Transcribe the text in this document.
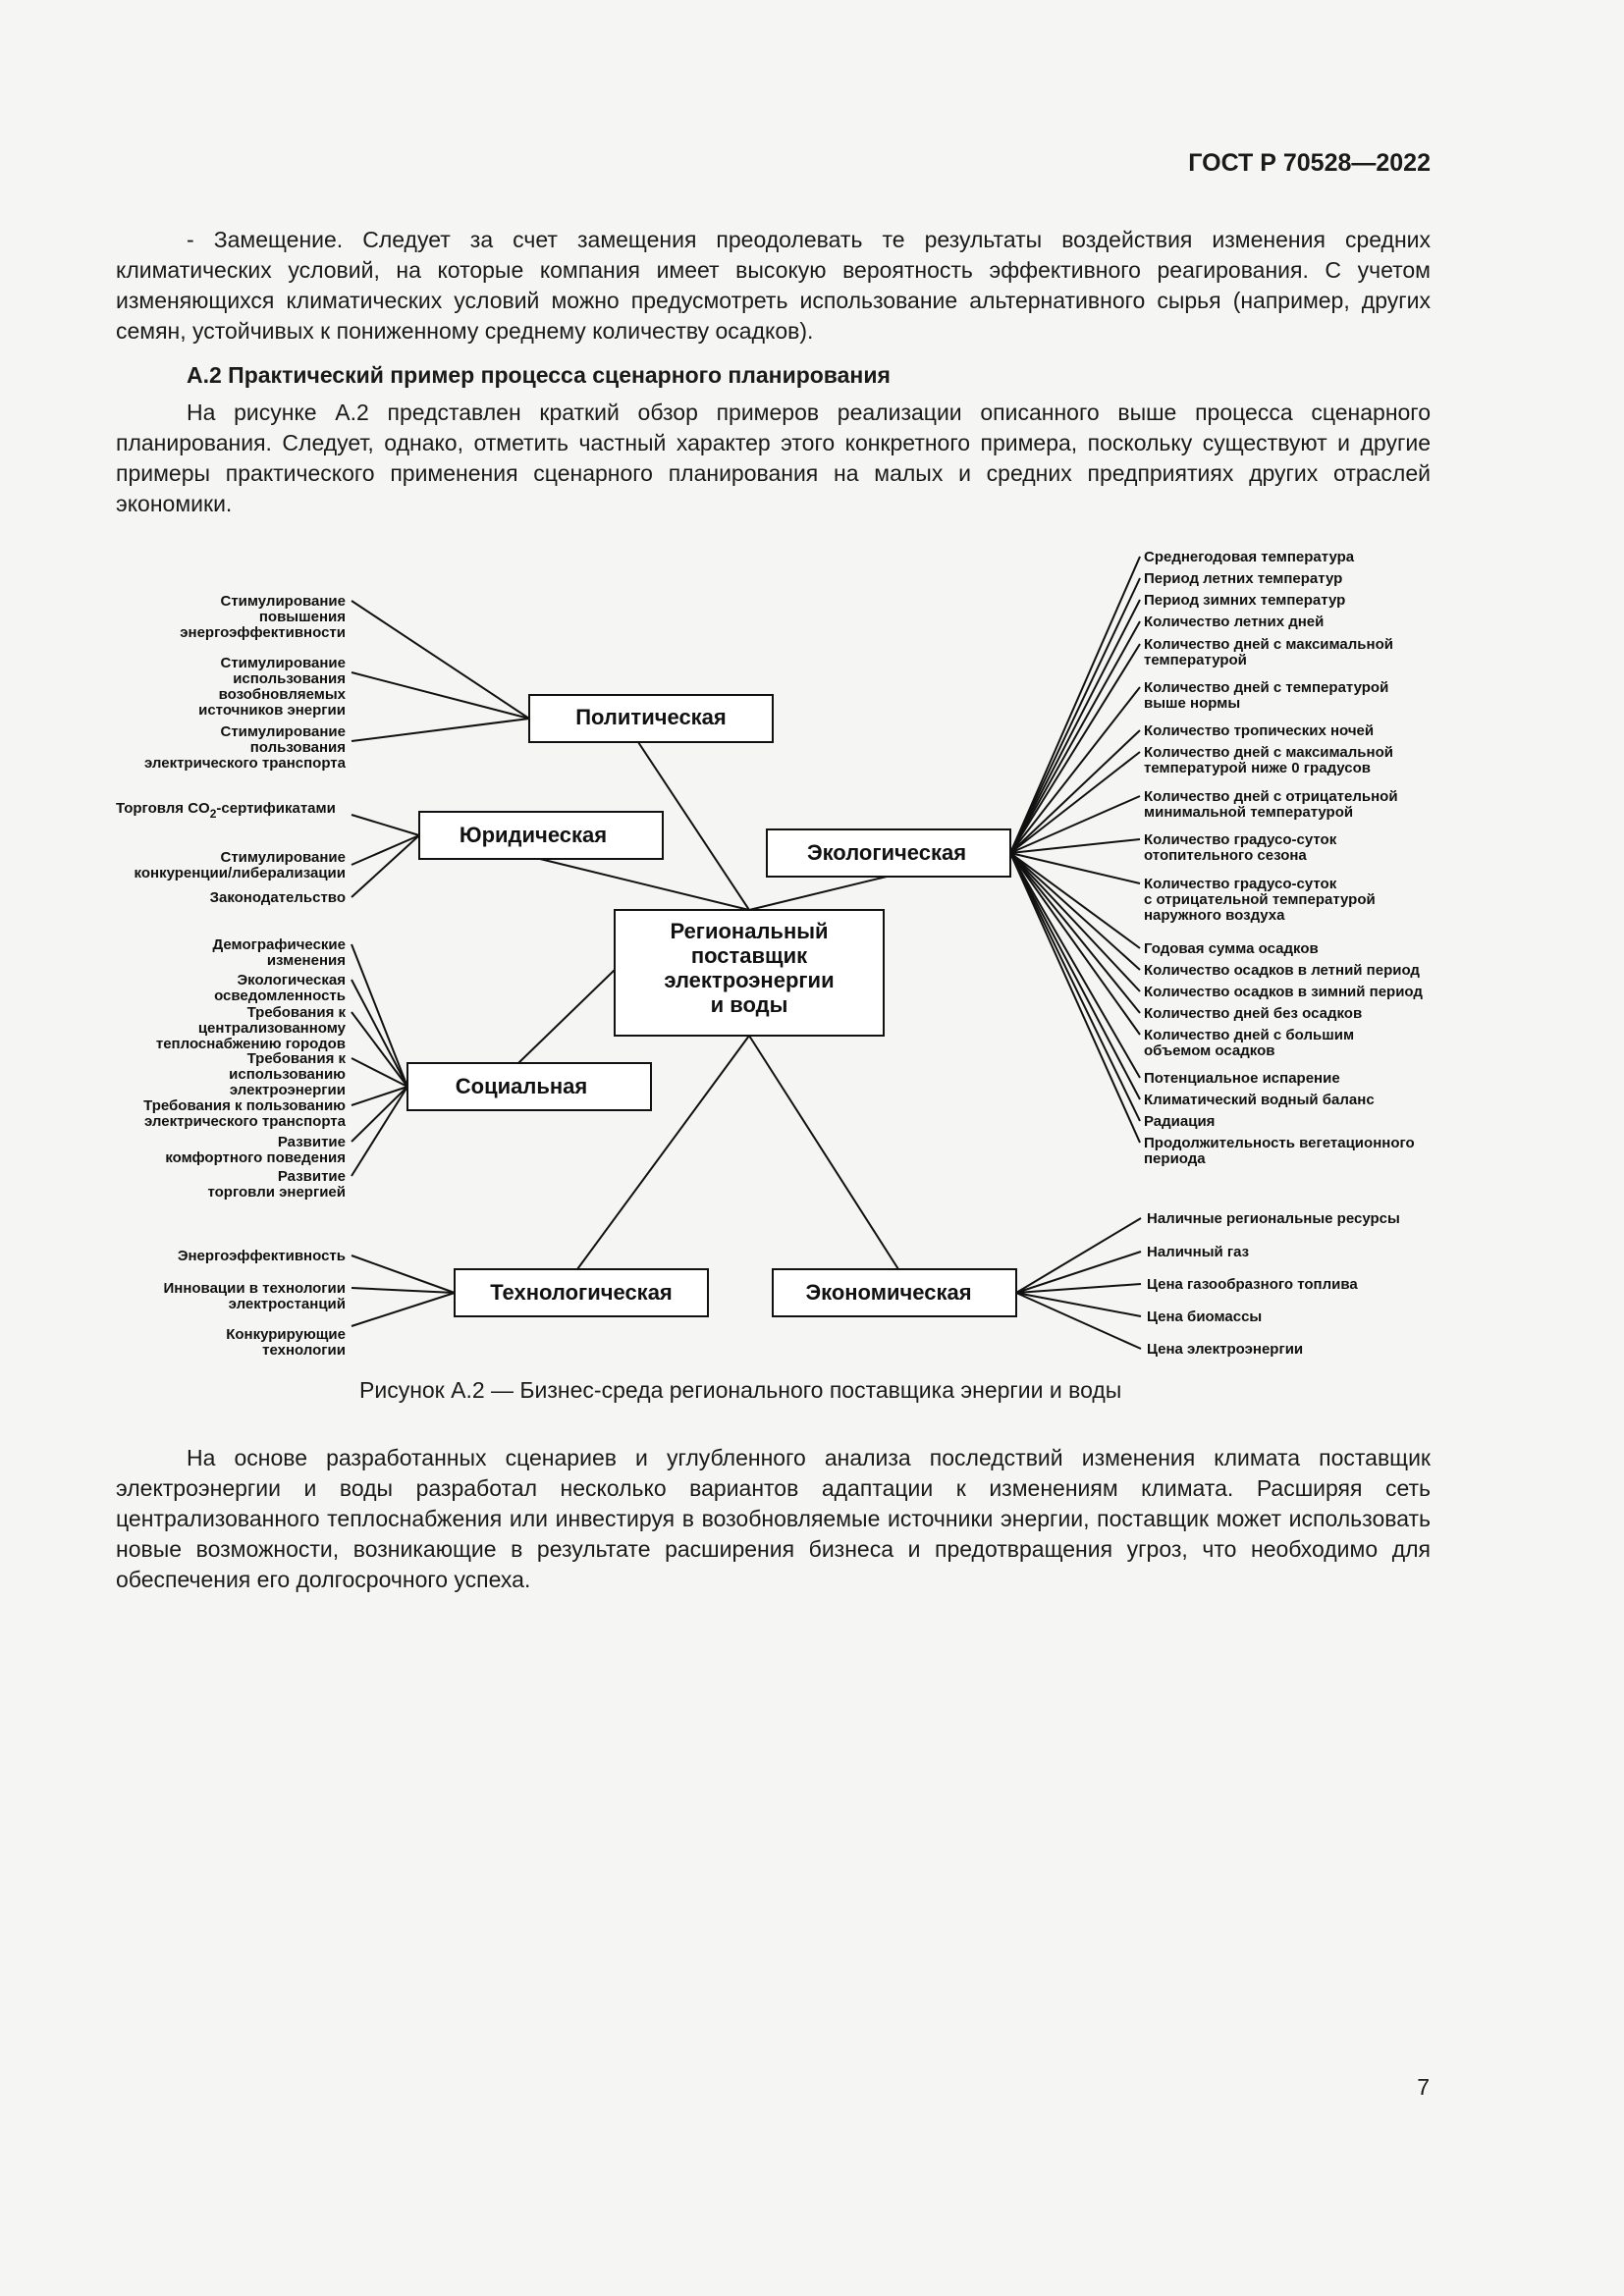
ГОСТ Р 70528—2022

- Замещение. Следует за счет замещения преодолевать те результаты воздействия изменения средних климатических условий, на которые компания имеет высокую вероятность эффективного реагирования. С учетом изменяющихся климатических условий можно предусмотреть использование альтернативного сырья (например, других семян, устойчивых к пониженному среднему количеству осадков).

А.2 Практический пример процесса сценарного планирования

На рисунке А.2 представлен краткий обзор примеров реализации описанного выше процесса сценарного планирования. Следует, однако, отметить частный характер этого конкретного примера, поскольку существуют и другие примеры практического применения сценарного планирования на малых и средних предприятиях других отраслей экономики.

Региональный
поставщик
электроэнергии
и воды
Политическая
Юридическая
Экологическая
Социальная
Технологическая	Экономическая
Торговля $CO_2$-сертификатами
Стимулирование повышения энергоэффективности
Стимулирование использования возобновляемых источников энергии
Стимулирование пользования электрического транспорта
Стимулирование конкуренции/либерализации
Законодательство
Демографические изменения
Экологическая осведомленность
Требования к централизованному теплоснабжению городов
Требования к использованию электроэнергии
Требования к пользованию электрического транспорта
Развитие комфортного поведения
Развитие торговли энергией
Энергоэффективность
Инновации в технологии электростанций
Конкурирующие технологии
Среднегодовая температура
Период летних температур
Период зимних температур
Количество летних дней
Количество дней с максимальной температурой
Количество дней с температурой выше нормы
Количество тропических ночей
Количество дней с максимальной температурой ниже 0 градусов
Количество дней с отрицательной минимальной температурой
Количество градусо-суток отопительного сезона
Количество градусо-суток с отрицательной температурой наружного воздуха
Годовая сумма осадков
Количество осадков в летний период
Количество осадков в зимний период
Количество дней без осадков
Количество дней с большим объемом осадков
Потенциальное испарение
Климатический водный баланс
Радиация
Продолжительность вегетационного периода
Наличные региональные ресурсы
Наличный газ
Цена газообразного топлива
Цена биомассы
Цена электроэнергии
Рисунок А.2 — Бизнес-среда регионального поставщика энергии и воды

На основе разработанных сценариев и углубленного анализа последствий изменения климата поставщик электроэнергии и воды разработал несколько вариантов адаптации к изменениям климата. Расширяя сеть централизованного теплоснабжения или инвестируя в возобновляемые источники энергии, поставщик может использовать новые возможности, возникающие в результате расширения бизнеса и предотвращения угроз, что необходимо для обеспечения его долгосрочного успеха.

7
